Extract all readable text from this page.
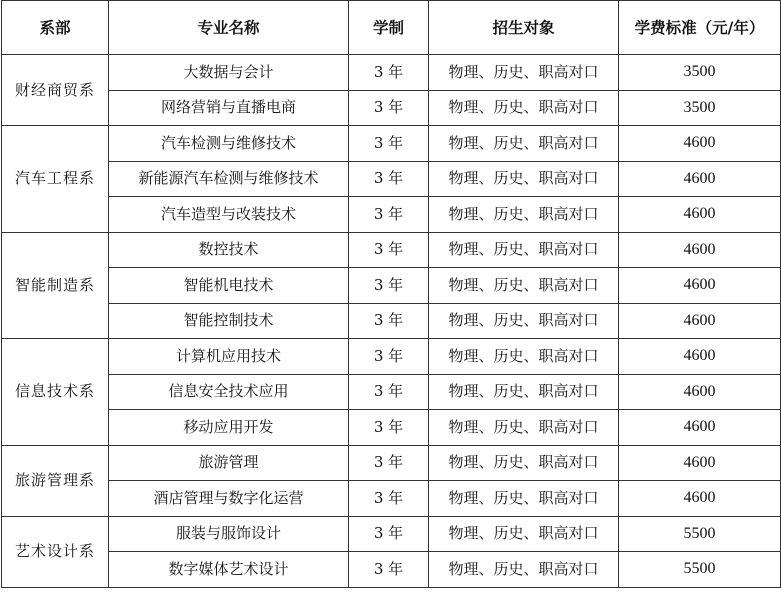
系部	专业名称	学制	招生对象	学费标准（元/年）
财经商贸系	大数据与会计	3 年	物理、历史、职高对口	3500
	网络营销与直播电商	3 年	物理、历史、职高对口	3500
汽车工程系	汽车检测与维修技术	3 年	物理、历史、职高对口	4600
	新能源汽车检测与维修技术	3 年	物理、历史、职高对口	4600
	汽车造型与改装技术	3 年	物理、历史、职高对口	4600
智能制造系	数控技术	3 年	物理、历史、职高对口	4600
	智能机电技术	3 年	物理、历史、职高对口	4600
	智能控制技术	3 年	物理、历史、职高对口	4600
信息技术系	计算机应用技术	3 年	物理、历史、职高对口	4600
	信息安全技术应用	3 年	物理、历史、职高对口	4600
	移动应用开发	3 年	物理、历史、职高对口	4600
旅游管理系	旅游管理	3 年	物理、历史、职高对口	4600
	酒店管理与数字化运营	3 年	物理、历史、职高对口	4600
艺术设计系	服装与服饰设计	3 年	物理、历史、职高对口	5500
	数字媒体艺术设计	3 年	物理、历史、职高对口	5500
